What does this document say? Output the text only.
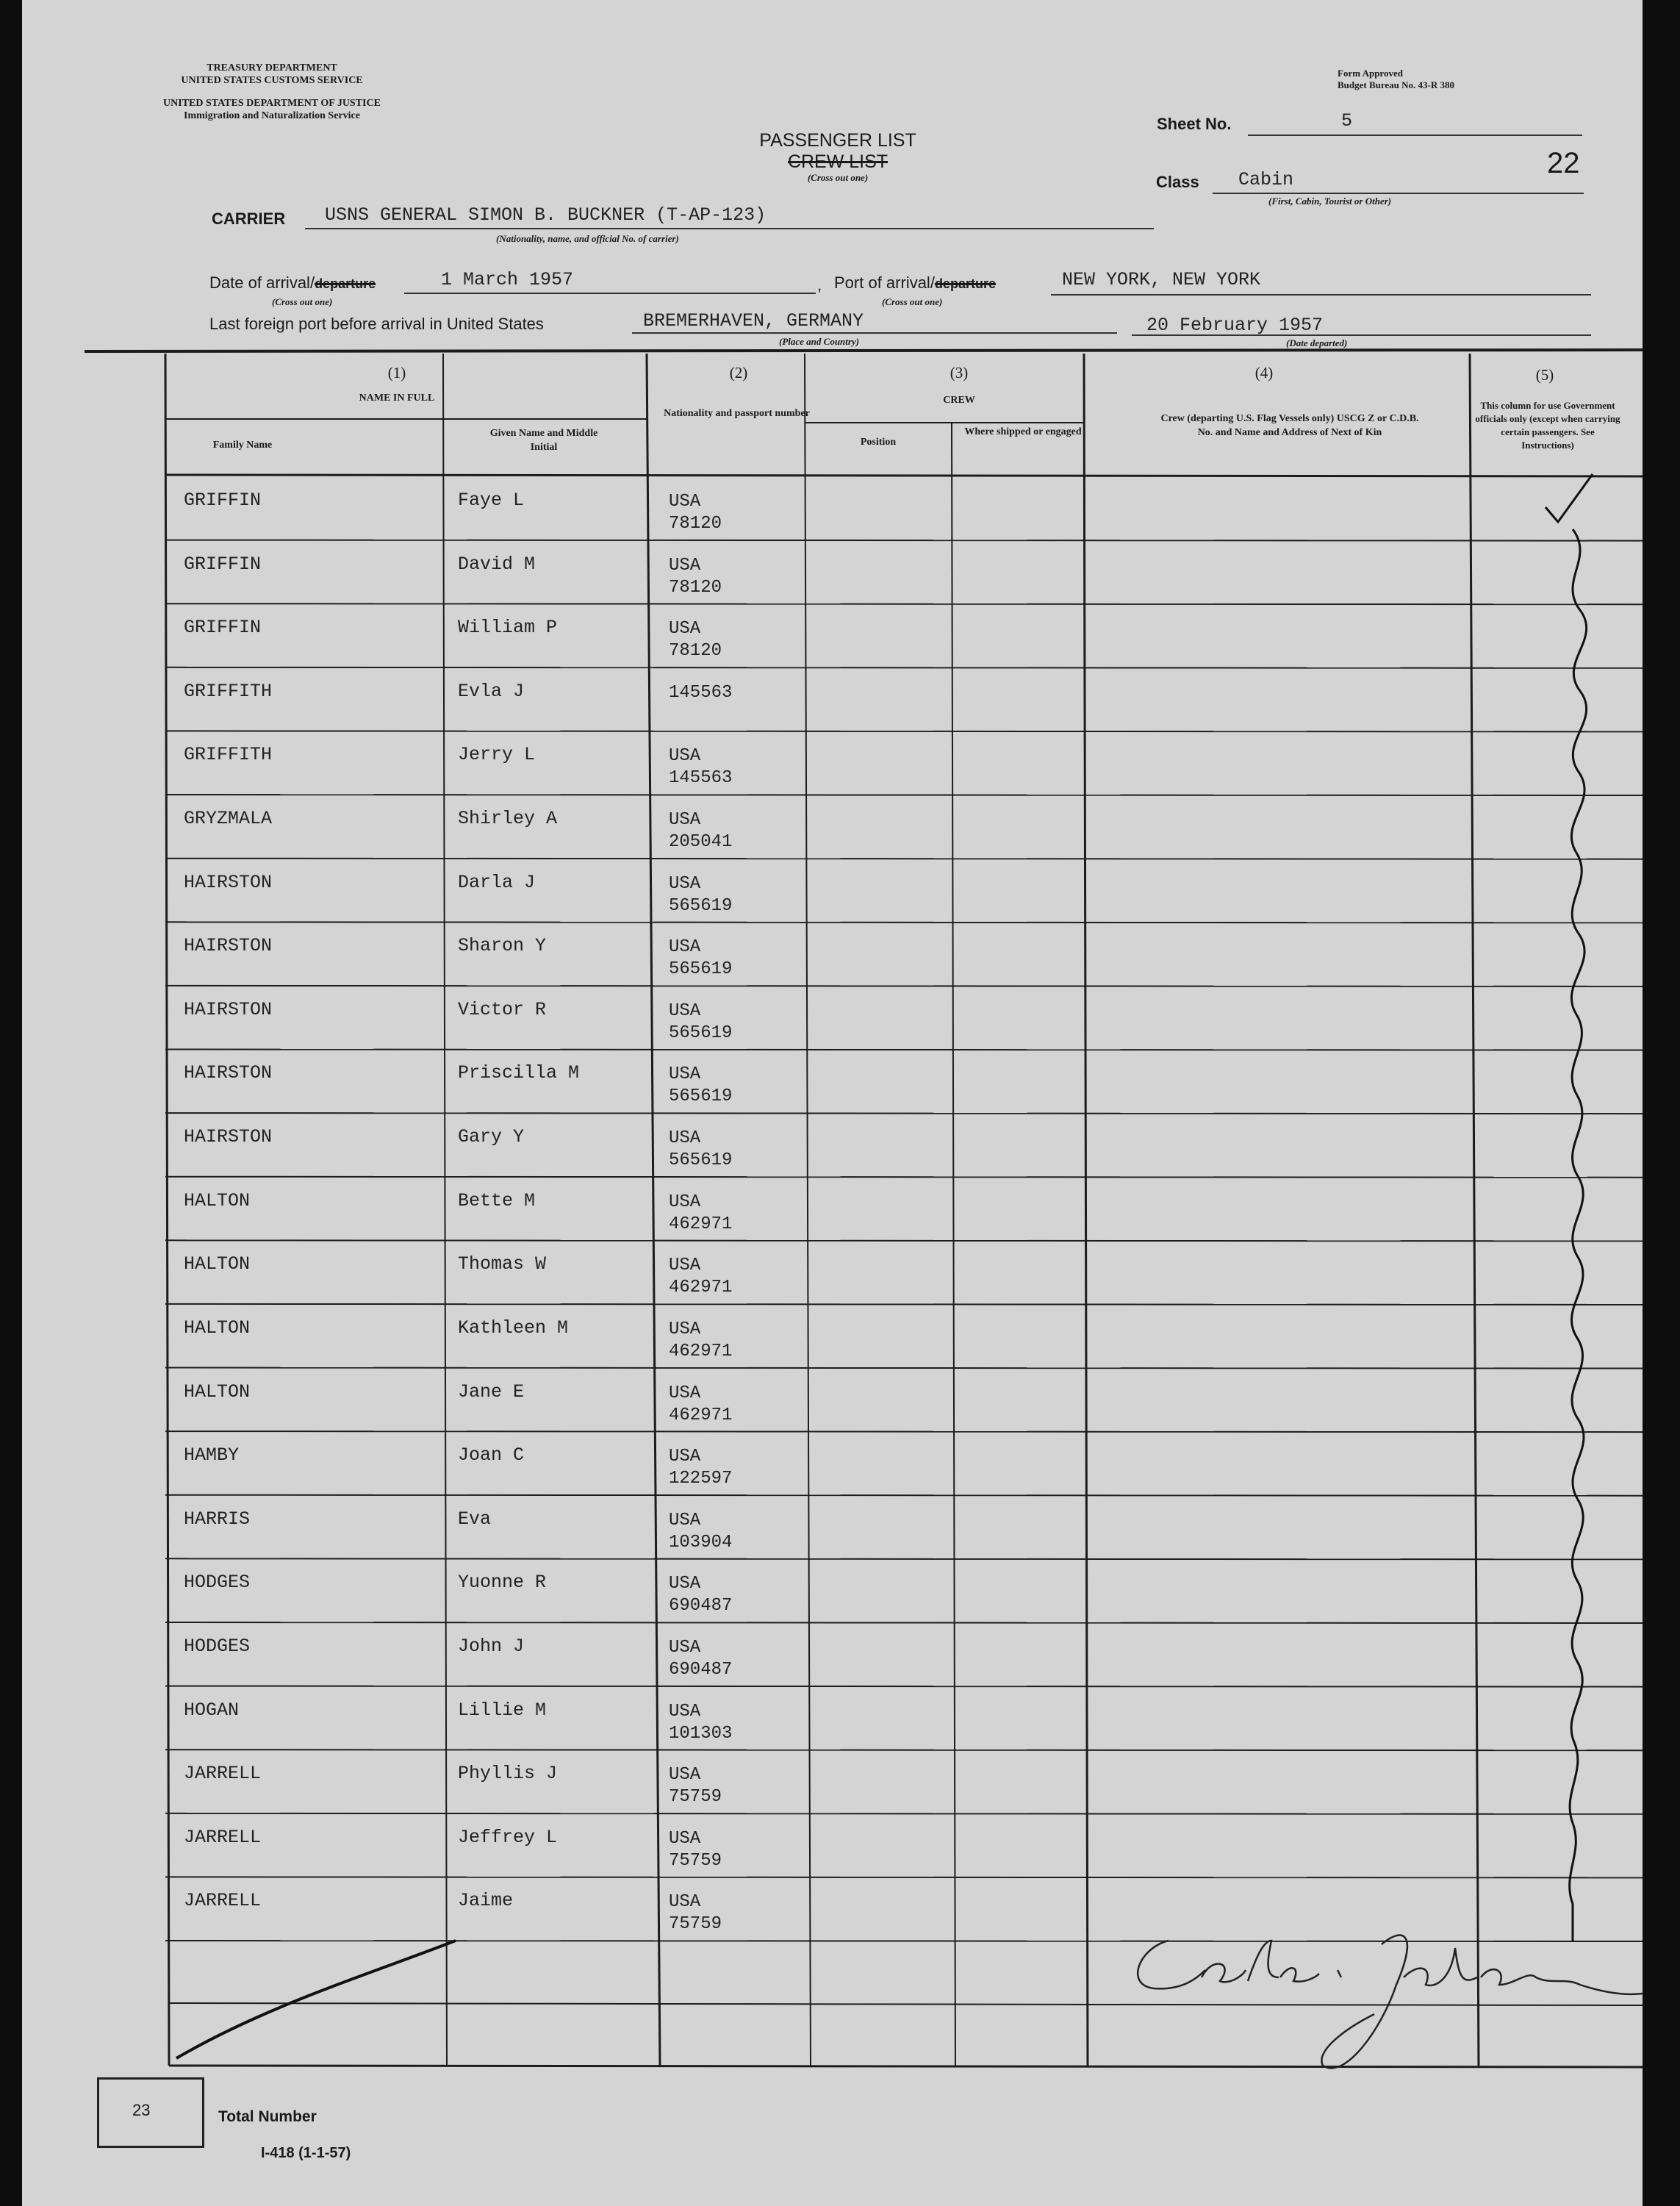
TREASURY DEPARTMENT
UNITED STATES CUSTOMS SERVICE
UNITED STATES DEPARTMENT OF JUSTICE
Immigration and Naturalization Service
Form Approved
Budget Bureau No. 43-R 380
PASSENGER LIST
CREW LIST
(Cross out one)
Sheet No.	5
22
Class Cabin
(First, Cabin, Tourist or Other)
CARRIER USNS GENERAL SIMON B. BUCKNER (T-AP-123)
(Nationality, name, and official No. of carrier)
Date of arrival/departure	1 March 1957
(Cross out one)
, Port of arrival/departure	NEW YORK, NEW YORK
(Cross out one)
Last foreign port before arrival in United States	BREMERHAVEN, GERMANY
(Place and Country)
20 February 1957
(Date departed)
(1)
NAME IN FULL
Family Name
Given Name and Middle Initial
(2)
Nationality and passport number
(3)
CREW
Position
Where shipped or engaged
(4)
Crew (departing U.S. Flag Vessels only) USCG Z or C.D.B. No. and Name and Address of Next of Kin
(5)
This column for use Government officials only (except when carrying certain passengers. See Instructions)
GRIFFIN	Faye L	USA
78120
GRIFFIN	David M	USA
78120
GRIFFIN	William P	USA
78120
GRIFFITH	Evla J	145563
GRIFFITH	Jerry L	USA
145563
GRYZMALA	Shirley A	USA
205041
HAIRSTON	Darla J	USA
565619
HAIRSTON	Sharon Y	USA
565619
HAIRSTON	Victor R	USA
565619
HAIRSTON	Priscilla M	USA
565619
HAIRSTON	Gary Y	USA
565619
HALTON	Bette M	USA
462971
HALTON	Thomas W	USA
462971
HALTON	Kathleen M	USA
462971
HALTON	Jane E	USA
462971
HAMBY	Joan C	USA
122597
HARRIS	Eva	USA
103904
HODGES	Yuonne R	USA
690487
HODGES	John J	USA
690487
HOGAN	Lillie M	USA
101303
JARRELL	Phyllis J	USA
75759
JARRELL	Jeffrey L	USA
75759
JARRELL	Jaime	USA
75759
23	Total Number
I-418 (1-1-57)
